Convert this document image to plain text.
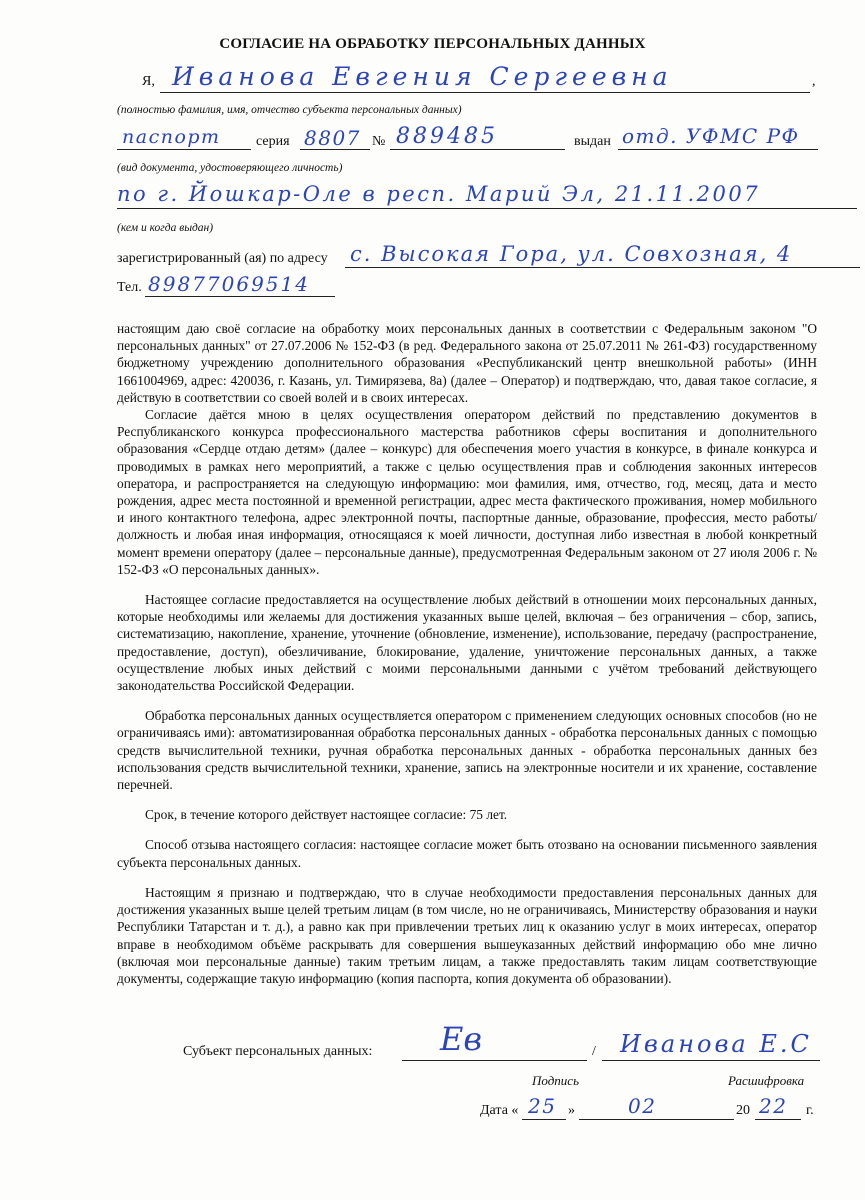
СОГЛАСИЕ НА ОБРАБОТКУ ПЕРСОНАЛЬНЫХ ДАННЫХ
Я,	,
Иванова Евгения Сергеевна
(полностью фамилия, имя, отчество субъекта персональных данных)
паспорт	серия 8807 № 889485	выдан отд. УФМС РФ
(вид документа, удостоверяющего личность)
по г. Йошкар-Оле в респ. Марий Эл, 21.11.2007
(кем и когда выдан)
зарегистрированный (ая) по адресу с. Высокая Гора, ул. Совхозная, 4
Тел. 89877069514

настоящим даю своё согласие на обработку моих персональных данных в соответствии с Федеральным законом "О персональных данных" от 27.07.2006 № 152-ФЗ (в ред. Федерального закона от 25.07.2011 № 261-ФЗ) государственному бюджетному учреждению дополнительного образования «Республиканский центр внешкольной работы» (ИНН 1661004969, адрес: 420036, г. Казань, ул. Тимирязева, 8а) (далее – Оператор) и подтверждаю, что, давая такое согласие, я действую в соответствии со своей волей и в своих интересах.

Согласие даётся мною в целях осуществления оператором действий по представлению документов в Республиканского конкурса профессионального мастерства работников сферы воспитания и дополнительного образования «Сердце отдаю детям» (далее – конкурс) для обеспечения моего участия в конкурсе, в финале конкурса и проводимых в рамках него мероприятий, а также с целью осуществления прав и соблюдения законных интересов оператора, и распространяется на следующую информацию: мои фамилия, имя, отчество, год, месяц, дата и место рождения, адрес места постоянной и временной регистрации, адрес места фактического проживания, номер мобильного и иного контактного телефона, адрес электронной почты, паспортные данные, образование, профессия, место работы/должность и любая иная информация, относящаяся к моей личности, доступная либо известная в любой конкретный момент времени оператору (далее – персональные данные), предусмотренная Федеральным законом от 27 июля 2006 г. № 152-ФЗ «О персональных данных».

Настоящее согласие предоставляется на осуществление любых действий в отношении моих персональных данных, которые необходимы или желаемы для достижения указанных выше целей, включая – без ограничения – сбор, запись, систематизацию, накопление, хранение, уточнение (обновление, изменение), использование, передачу (распространение, предоставление, доступ), обезличивание, блокирование, удаление, уничтожение персональных данных, а также осуществление любых иных действий с моими персональными данными с учётом требований действующего законодательства Российской Федерации.

Обработка персональных данных осуществляется оператором с применением следующих основных способов (но не ограничиваясь ими): автоматизированная обработка персональных данных - обработка персональных данных с помощью средств вычислительной техники, ручная обработка персональных данных - обработка персональных данных без использования средств вычислительной техники, хранение, запись на электронные носители и их хранение, составление перечней.

Срок, в течение которого действует настоящее согласие: 75 лет.

Способ отзыва настоящего согласия: настоящее согласие может быть отозвано на основании письменного заявления субъекта персональных данных.

Настоящим я признаю и подтверждаю, что в случае необходимости предоставления персональных данных для достижения указанных выше целей третьим лицам (в том числе, но не ограничиваясь, Министерству образования и науки Республики Татарстан и т. д.), а равно как при привлечении третьих лиц к оказанию услуг в моих интересах, оператор вправе в необходимом объёме раскрывать для совершения вышеуказанных действий информацию обо мне лично (включая мои персональные данные) таким третьим лицам, а также предоставлять таким лицам соответствующие документы, содержащие такую информацию (копия паспорта, копия документа об образовании).

Субъект персональных данных: Ев	/ Иванова Е.С
Подпись	Расшифровка
Дата « 25 »	02	20 22 г.
